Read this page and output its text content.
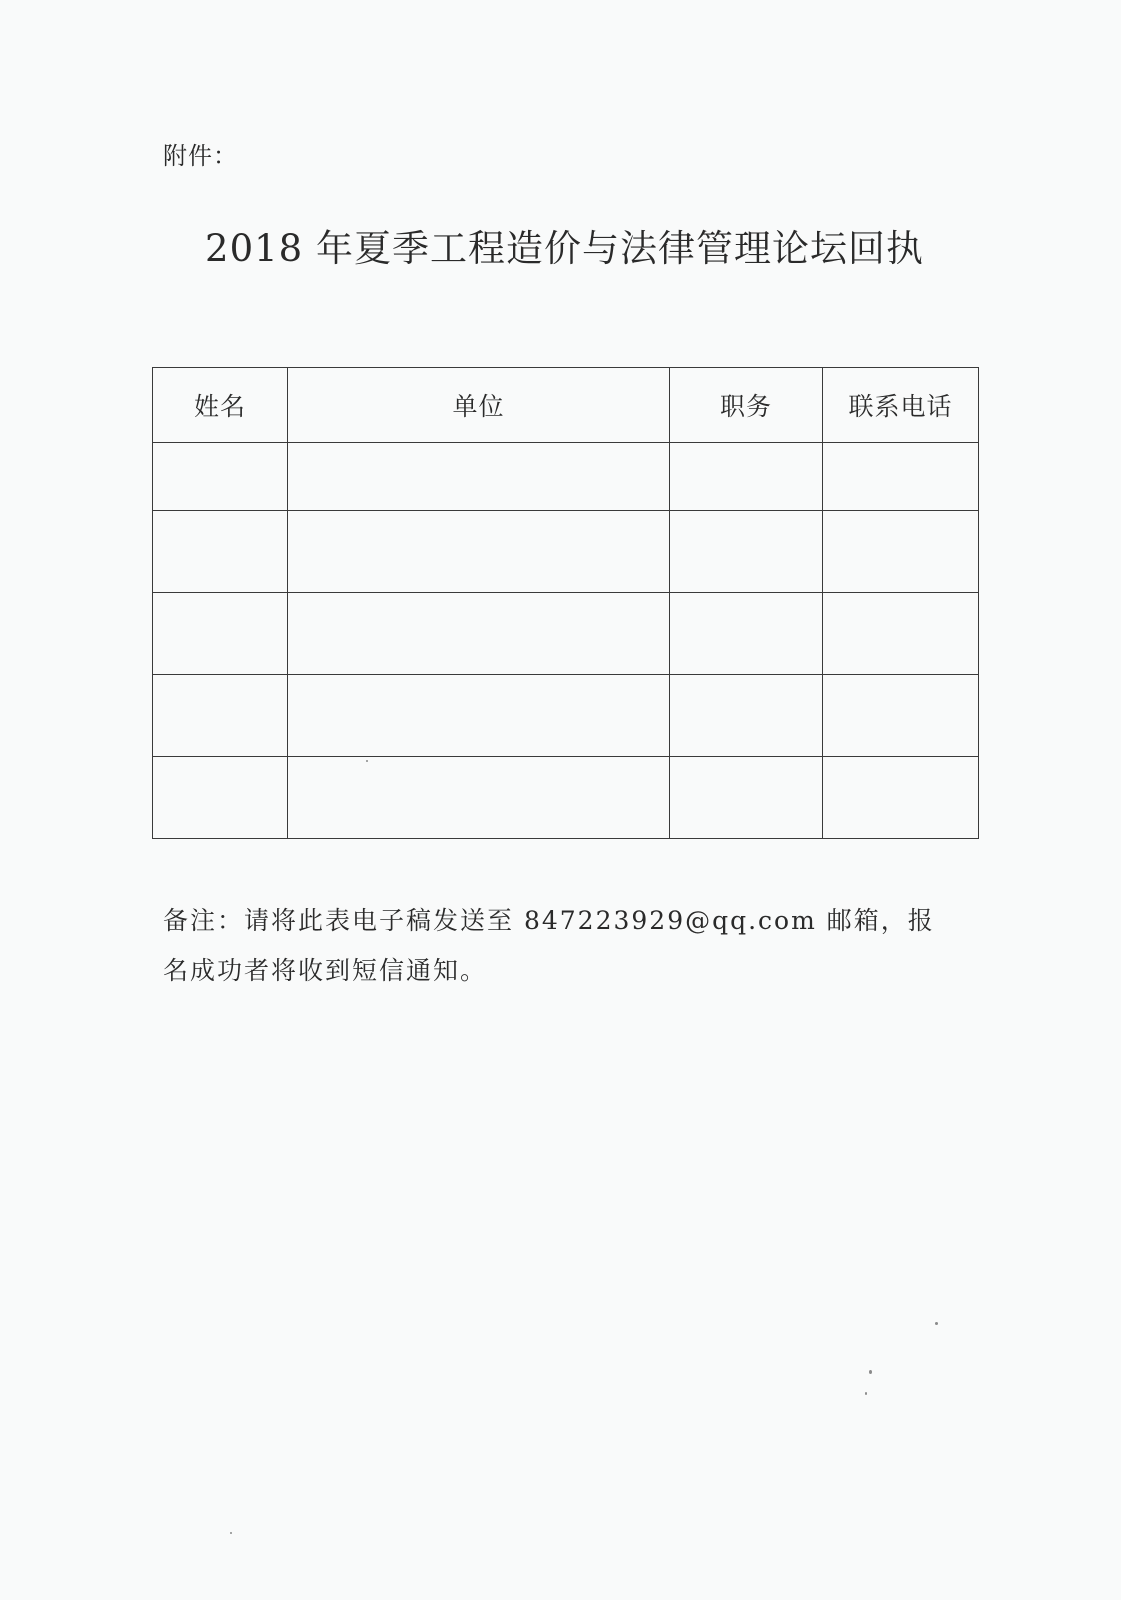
附件：
2018 年夏季工程造价与法律管理论坛回执
姓名	单位	职务	联系电话

备注：请将此表电子稿发送至 847223929@qq.com 邮箱，报
名成功者将收到短信通知。
